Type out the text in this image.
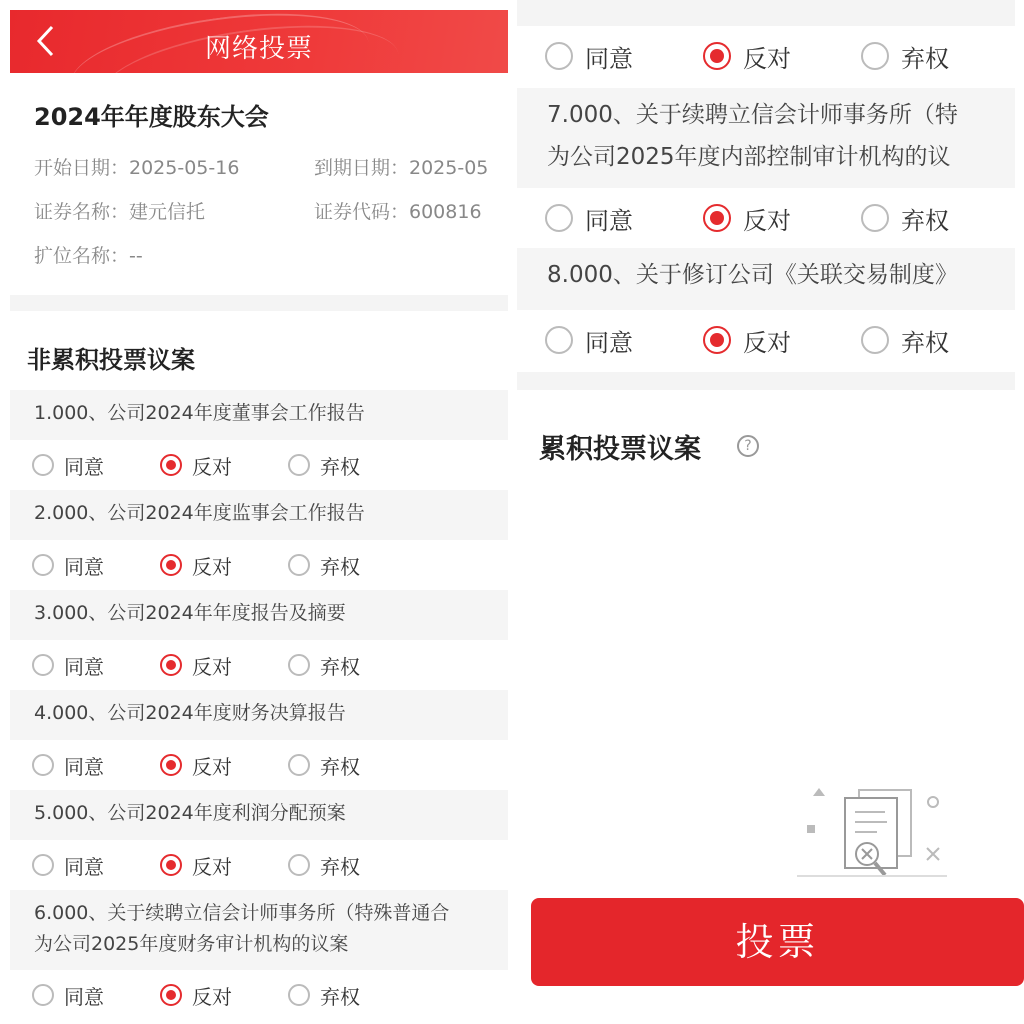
网络投票
2024年年度股东大会
开始日期：2025-05-16	到期日期：2025-05
证券名称：建元信托	证券代码：600816
扩位名称：--
非累积投票议案
1.000、公司2024年度董事会工作报告
同意	反对	弃权
2.000、公司2024年度监事会工作报告
同意	反对	弃权
3.000、公司2024年年度报告及摘要
同意	反对	弃权
4.000、公司2024年度财务决算报告
同意	反对	弃权
5.000、公司2024年度利润分配预案
同意	反对	弃权
6.000、关于续聘立信会计师事务所（特殊普通合
为公司2025年度财务审计机构的议案
同意	反对	弃权
同意	反对	弃权
7.000、关于续聘立信会计师事务所（特
为公司2025年度内部控制审计机构的议
同意	反对	弃权
8.000、关于修订公司《关联交易制度》
同意	反对	弃权
累积投票议案	?
投票
